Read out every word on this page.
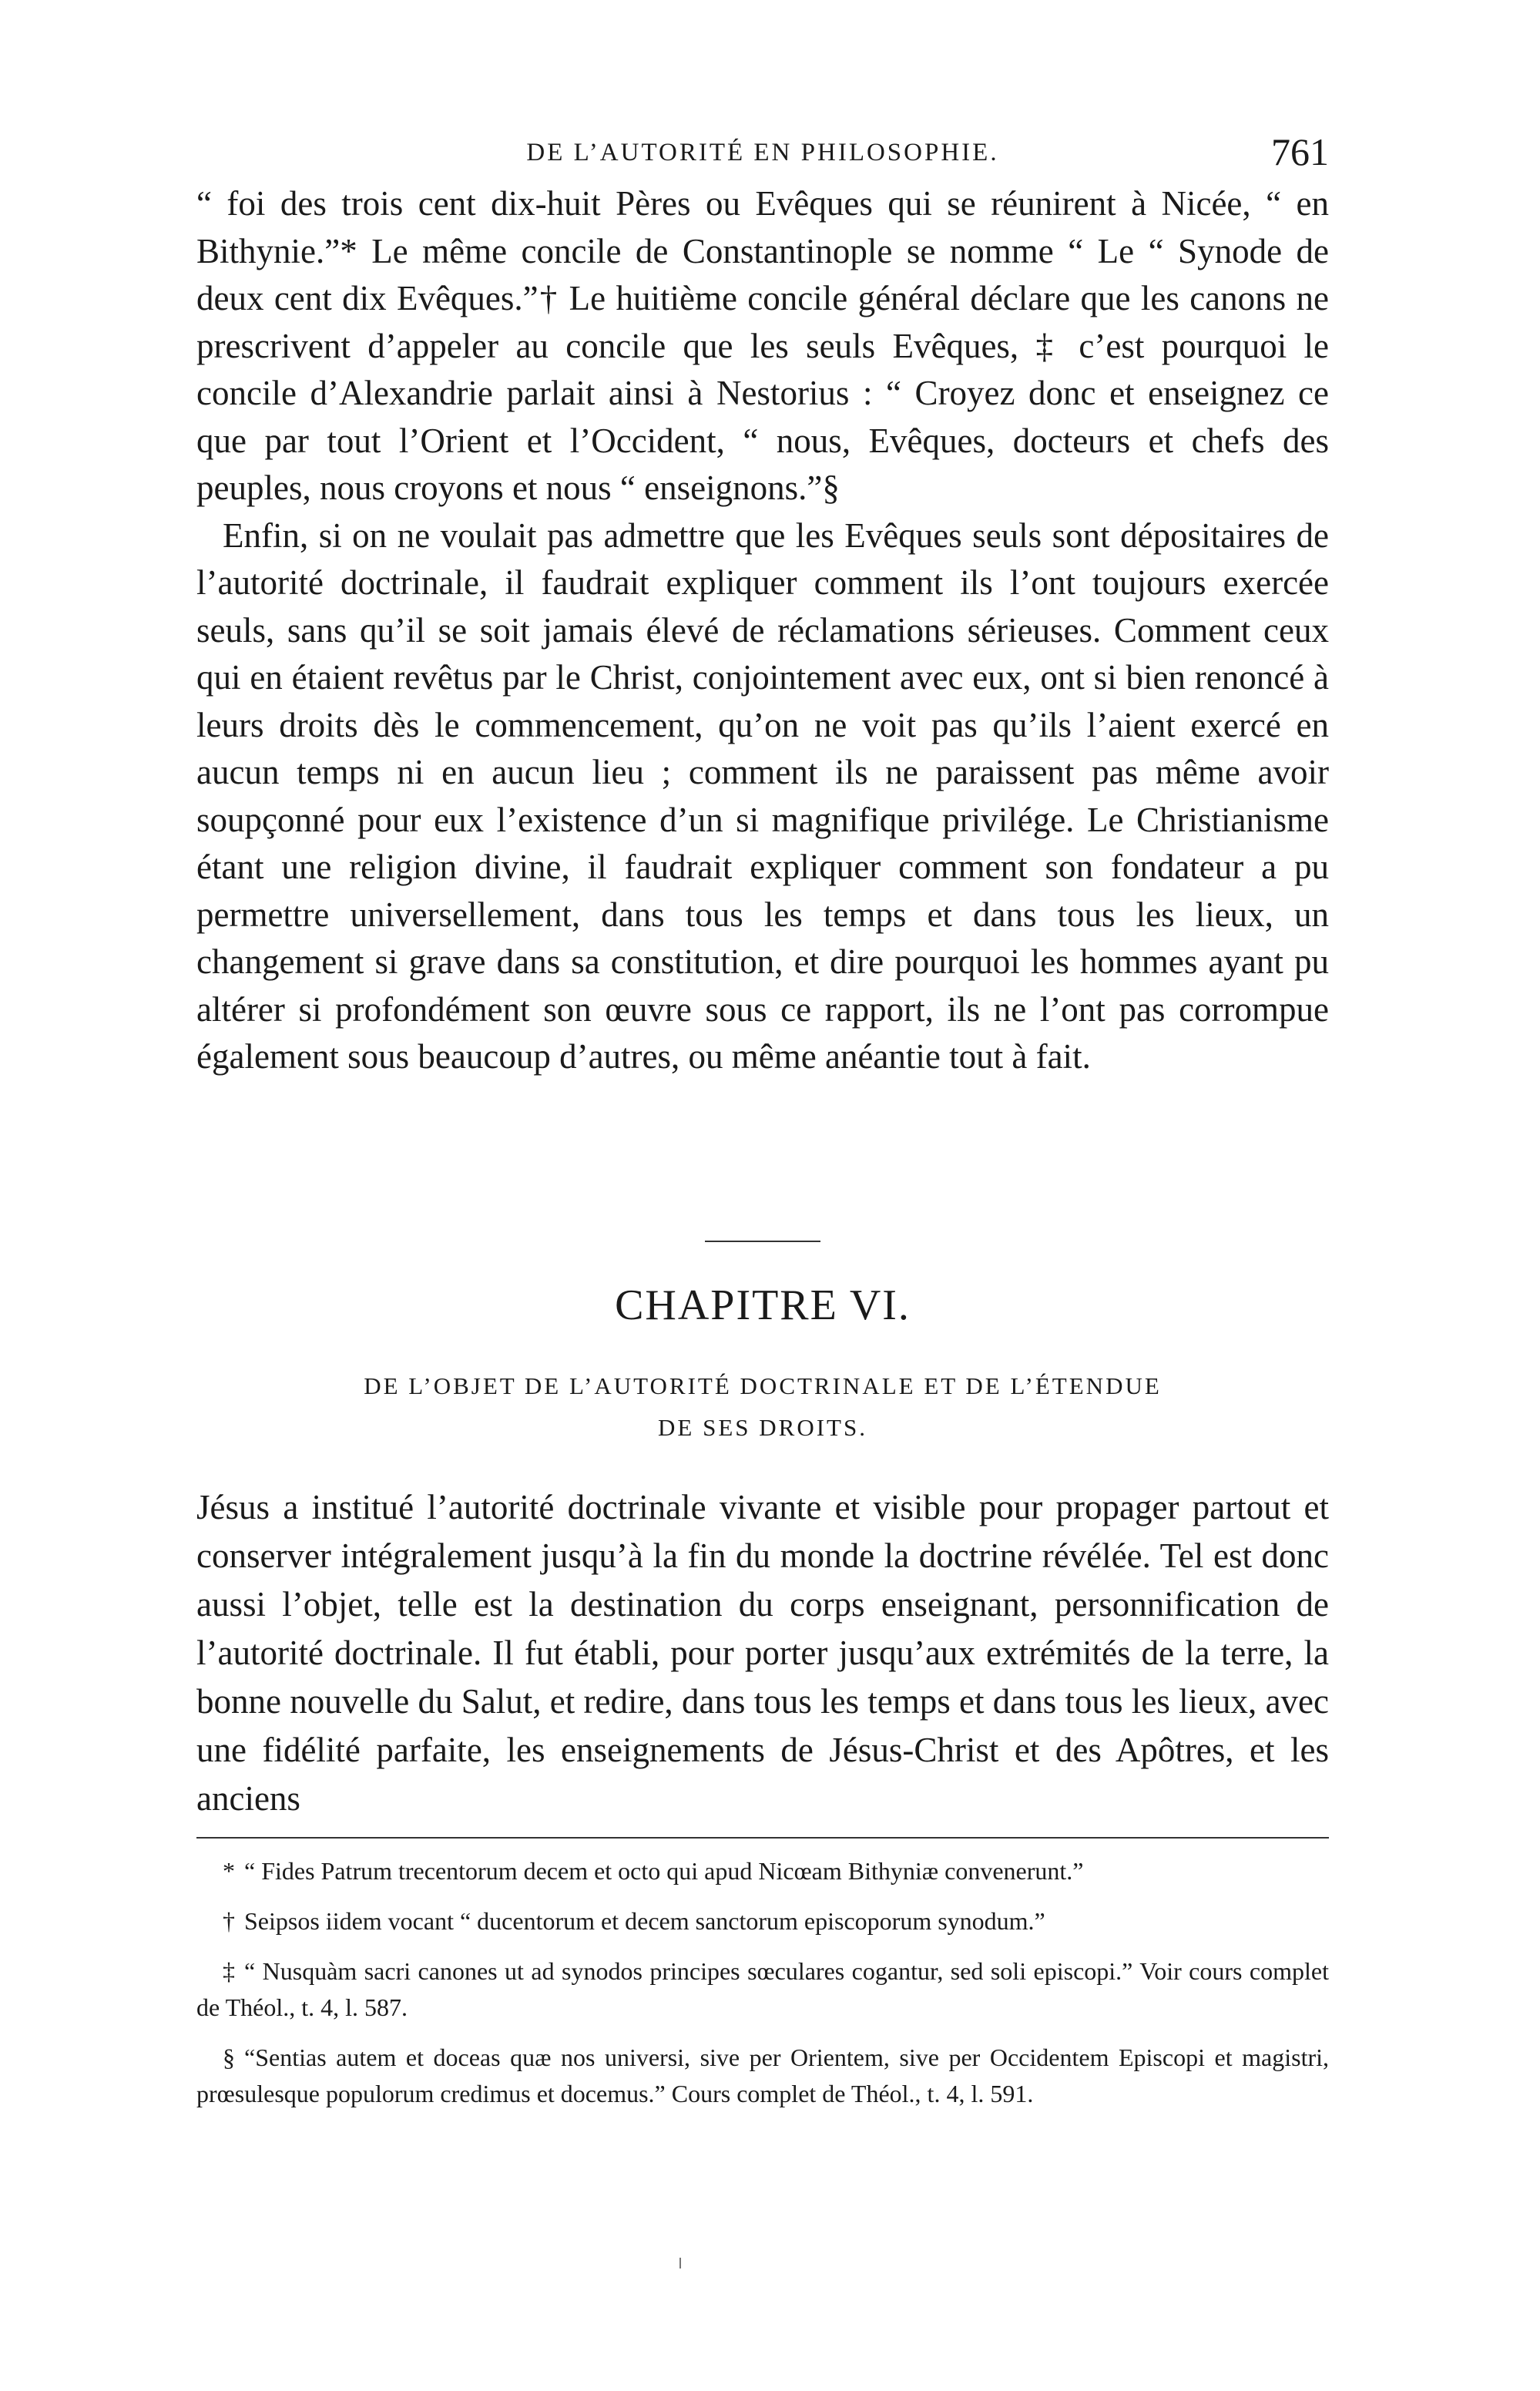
DE L’AUTORITÉ EN PHILOSOPHIE.	761

“ foi des trois cent dix-huit Pères ou Evêques qui se réunirent à Nicée, “ en Bithynie.”* Le même concile de Constantinople se nomme “ Le “ Synode de deux cent dix Evêques.”† Le huitième concile général déclare que les canons ne prescrivent d’appeler au concile que les seuls Evêques, ‡ c’est pourquoi le concile d’Alexandrie parlait ainsi à Nestorius : “ Croyez donc et enseignez ce que par tout l’Orient et l’Occident, “ nous, Evêques, docteurs et chefs des peuples, nous croyons et nous “ enseignons.”§

Enfin, si on ne voulait pas admettre que les Evêques seuls sont dépositaires de l’autorité doctrinale, il faudrait expliquer comment ils l’ont toujours exercée seuls, sans qu’il se soit jamais élevé de réclamations sérieuses. Comment ceux qui en étaient revêtus par le Christ, conjointement avec eux, ont si bien renoncé à leurs droits dès le commencement, qu’on ne voit pas qu’ils l’aient exercé en aucun temps ni en aucun lieu ; comment ils ne paraissent pas même avoir soupçonné pour eux l’existence d’un si magnifique privilége. Le Christianisme étant une religion divine, il faudrait expliquer comment son fondateur a pu permettre universellement, dans tous les temps et dans tous les lieux, un changement si grave dans sa constitution, et dire pourquoi les hommes ayant pu altérer si profondément son œuvre sous ce rapport, ils ne l’ont pas corrompue également sous beaucoup d’autres, ou même anéantie tout à fait.

CHAPITRE VI.
DE L’OBJET DE L’AUTORITÉ DOCTRINALE ET DE L’ÉTENDUE
DE SES DROITS.

Jésus a institué l’autorité doctrinale vivante et visible pour propager partout et conserver intégralement jusqu’à la fin du monde la doctrine révélée. Tel est donc aussi l’objet, telle est la destination du corps enseignant, personnification de l’autorité doctrinale. Il fut établi, pour porter jusqu’aux extrémités de la terre, la bonne nouvelle du Salut, et redire, dans tous les temps et dans tous les lieux, avec une fidélité parfaite, les enseignements de Jésus-Christ et des Apôtres, et les anciens

* “ Fides Patrum trecentorum decem et octo qui apud Nicœam Bithyniæ convenerunt.”

† Seipsos iidem vocant “ ducentorum et decem sanctorum episcoporum synodum.”

‡ “ Nusquàm sacri canones ut ad synodos principes sœculares cogantur, sed soli episcopi.” Voir cours complet de Théol., t. 4, l. 587.

§ “Sentias autem et doceas quæ nos universi, sive per Orientem, sive per Occidentem Episcopi et magistri, prœsulesque populorum credimus et docemus.” Cours complet de Théol., t. 4, l. 591.
